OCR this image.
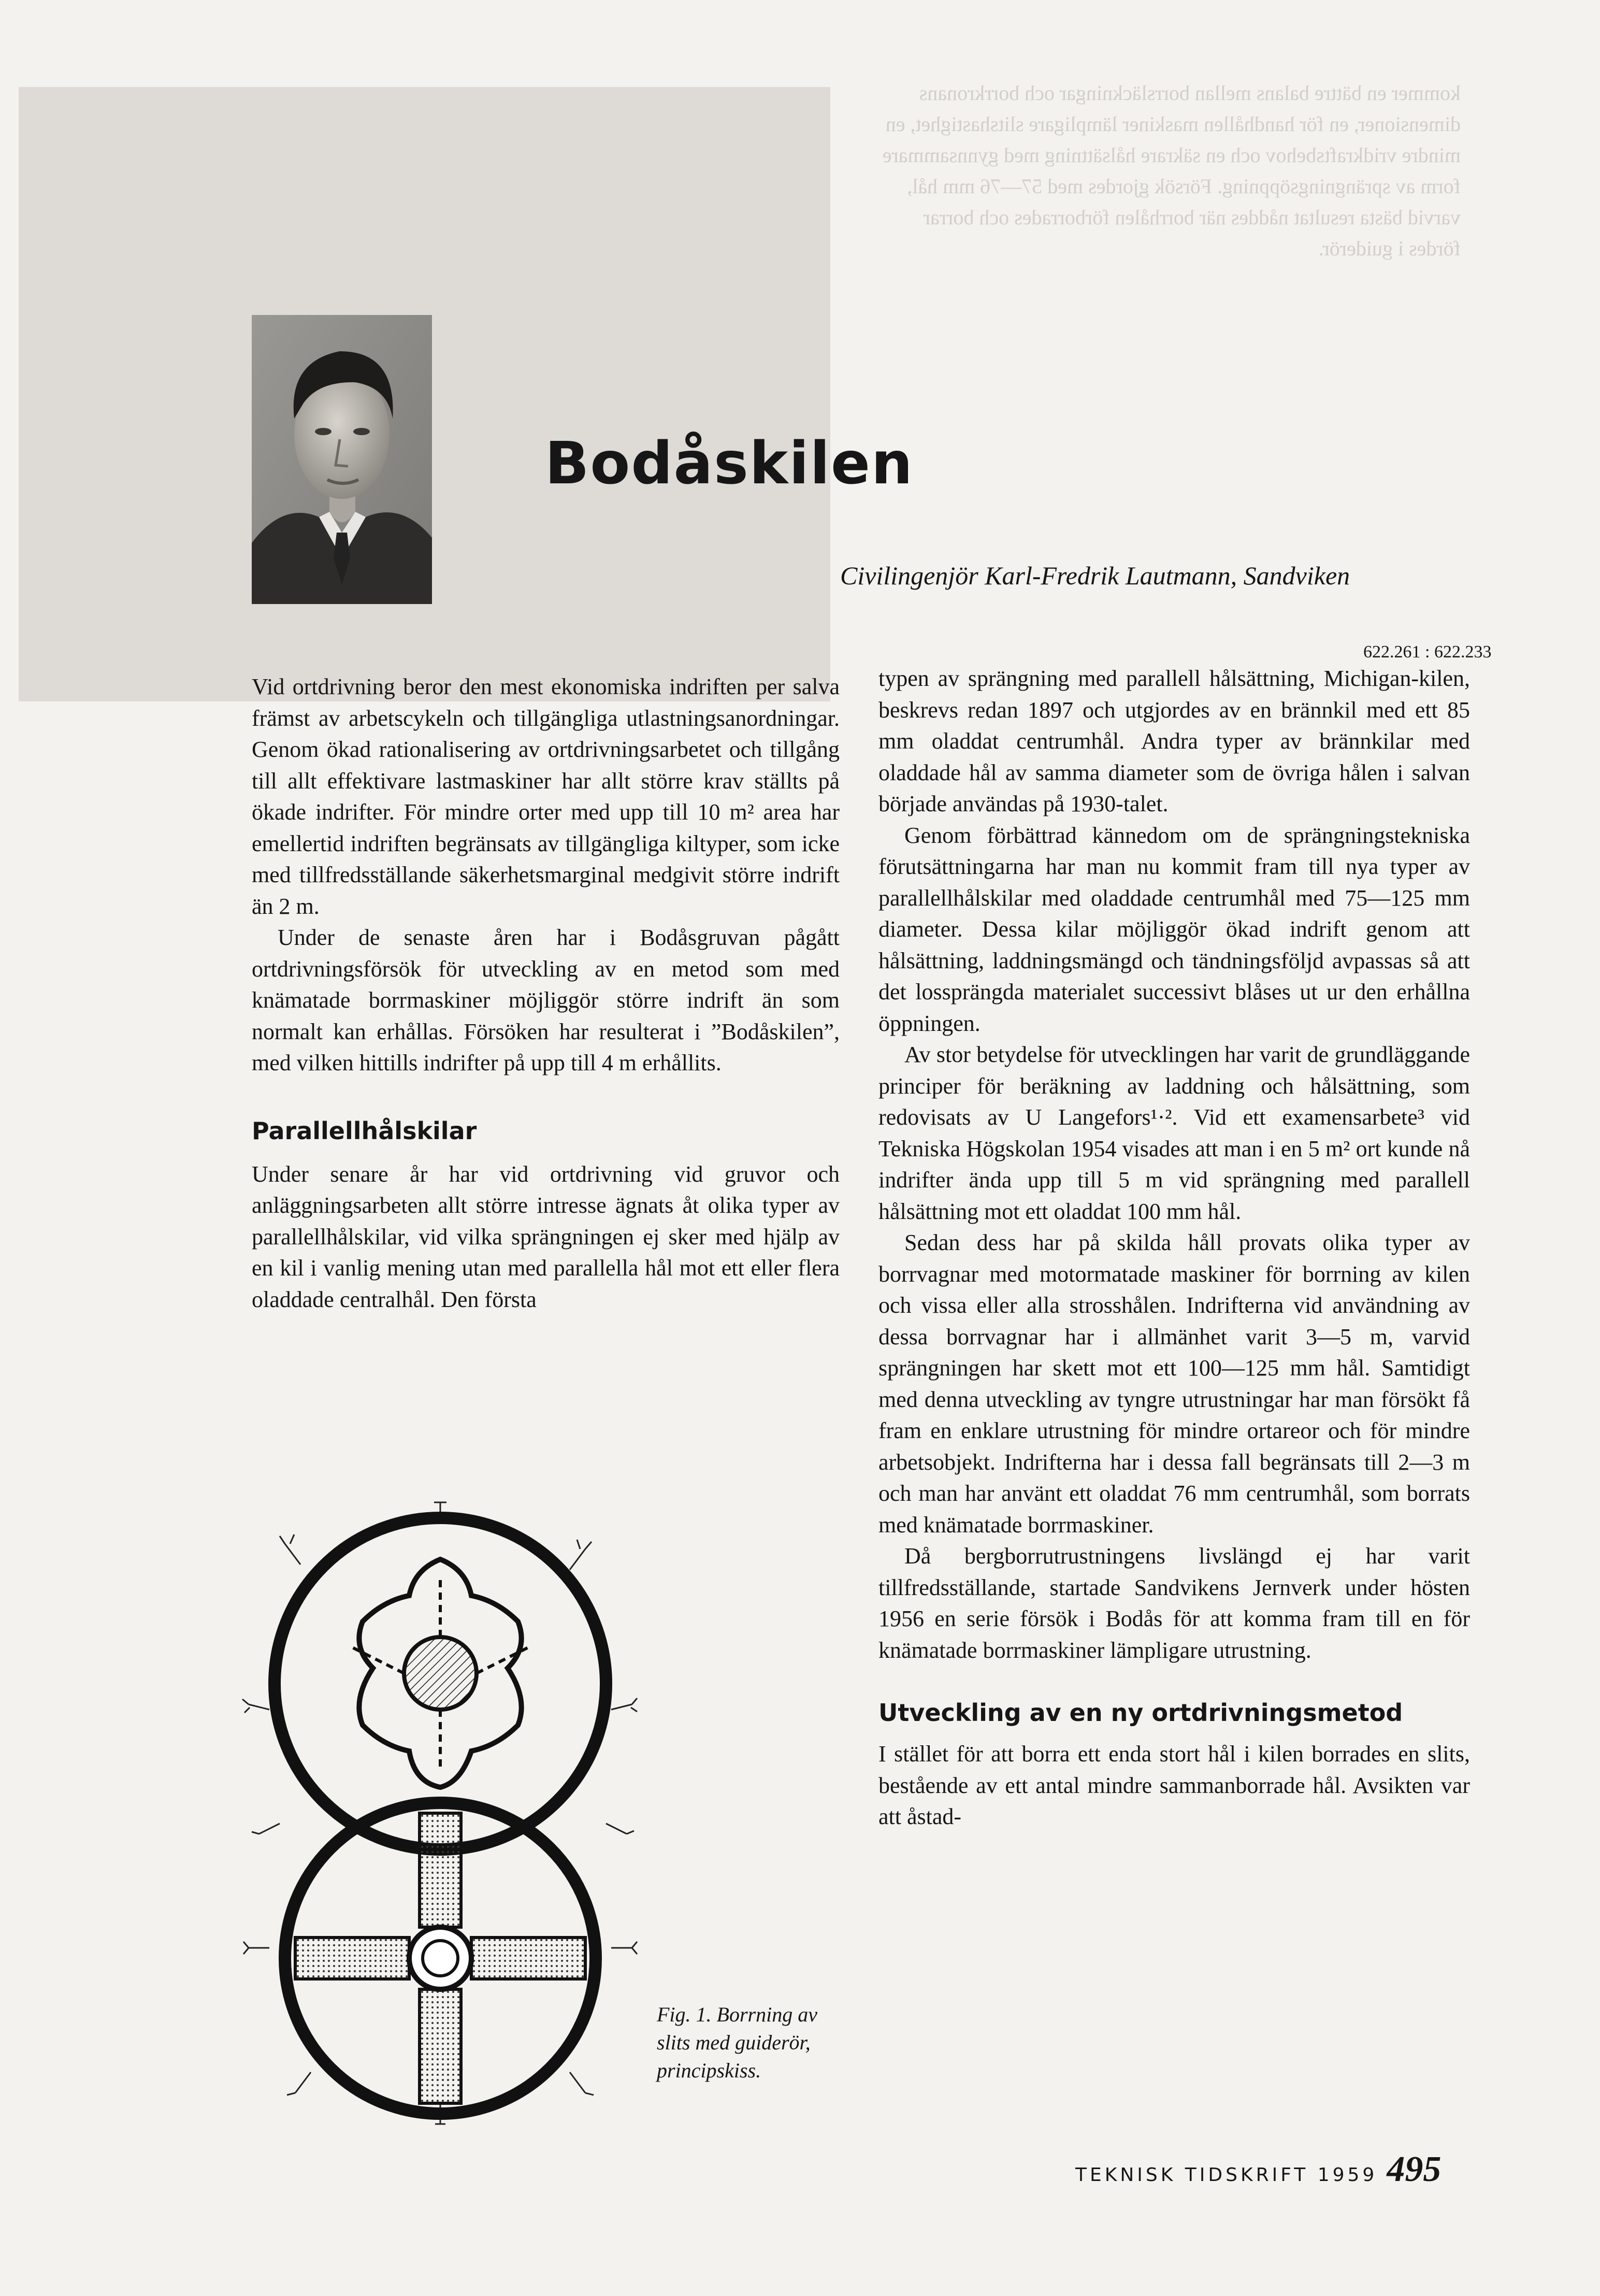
kommer en bättre balans mellan borrsläckningar och borrkronans dimensioner, en för handhållen maskiner lämpligare slitshastighet, en mindre vridkraftsbehov och en säkrare hålsättning med gynnsammare form av sprängningsöppning. Försök gjordes med 57—76 mm hål, varvid bästa resultat nåddes när borrhålen förborrades och borrar fördes i guiderör.
Bodåskilen

Civilingenjör Karl-Fredrik Lautmann, Sandviken

622.261 : 622.233

Vid ortdrivning beror den mest ekonomiska indriften per salva främst av arbetscykeln och tillgängliga utlastningsanordningar. Genom ökad rationalisering av ortdrivningsarbetet och tillgång till allt effektivare lastmaskiner har allt större krav ställts på ökade indrifter. För mindre orter med upp till 10 m² area har emellertid indriften begränsats av tillgängliga kiltyper, som icke med tillfredsställande säkerhetsmarginal medgivit större indrift än 2 m.

Under de senaste åren har i Bodåsgruvan pågått ortdrivningsförsök för utveckling av en metod som med knämatade borrmaskiner möjliggör större indrift än som normalt kan erhållas. Försöken har resulterat i ”Bodåskilen”, med vilken hittills indrifter på upp till 4 m erhållits.

Parallellhålskilar

Under senare år har vid ortdrivning vid gruvor och anläggningsarbeten allt större intresse ägnats åt olika typer av parallellhålskilar, vid vilka sprängningen ej sker med hjälp av en kil i vanlig mening utan med parallella hål mot ett eller flera oladdade centralhål. Den första

typen av sprängning med parallell hålsättning, Michigan-kilen, beskrevs redan 1897 och utgjordes av en brännkil med ett 85 mm oladdat centrumhål. Andra typer av brännkilar med oladdade hål av samma diameter som de övriga hålen i salvan började användas på 1930-talet.

Genom förbättrad kännedom om de sprängningstekniska förutsättningarna har man nu kommit fram till nya typer av parallellhålskilar med oladdade centrumhål med 75—125 mm diameter. Dessa kilar möjliggör ökad indrift genom att hålsättning, laddningsmängd och tändningsföljd avpassas så att det lossprängda materialet successivt blåses ut ur den erhållna öppningen.

Av stor betydelse för utvecklingen har varit de grundläggande principer för beräkning av laddning och hålsättning, som redovisats av U Langefors¹·². Vid ett examensarbete³ vid Tekniska Högskolan 1954 visades att man i en 5 m² ort kunde nå indrifter ända upp till 5 m vid sprängning med parallell hålsättning mot ett oladdat 100 mm hål.

Sedan dess har på skilda håll provats olika typer av borrvagnar med motormatade maskiner för borrning av kilen och vissa eller alla strosshålen. Indrifterna vid användning av dessa borrvagnar har i allmänhet varit 3—5 m, varvid sprängningen har skett mot ett 100—125 mm hål. Samtidigt med denna utveckling av tyngre utrustningar har man försökt få fram en enklare utrustning för mindre ortareor och för mindre arbetsobjekt. Indrifterna har i dessa fall begränsats till 2—3 m och man har använt ett oladdat 76 mm centrumhål, som borrats med knämatade borrmaskiner.

Då bergborrutrustningens livslängd ej har varit tillfredsställande, startade Sandvikens Jernverk under hösten 1956 en serie försök i Bodås för att komma fram till en för knämatade borrmaskiner lämpligare utrustning.

Utveckling av en ny ortdrivningsmetod

I stället för att borra ett enda stort hål i kilen borrades en slits, bestående av ett antal mindre sammanborrade hål. Avsikten var att åstad-

Fig. 1. Borrning av slits med guiderör, principskiss.

TEKNISK TIDSKRIFT 1959 495
